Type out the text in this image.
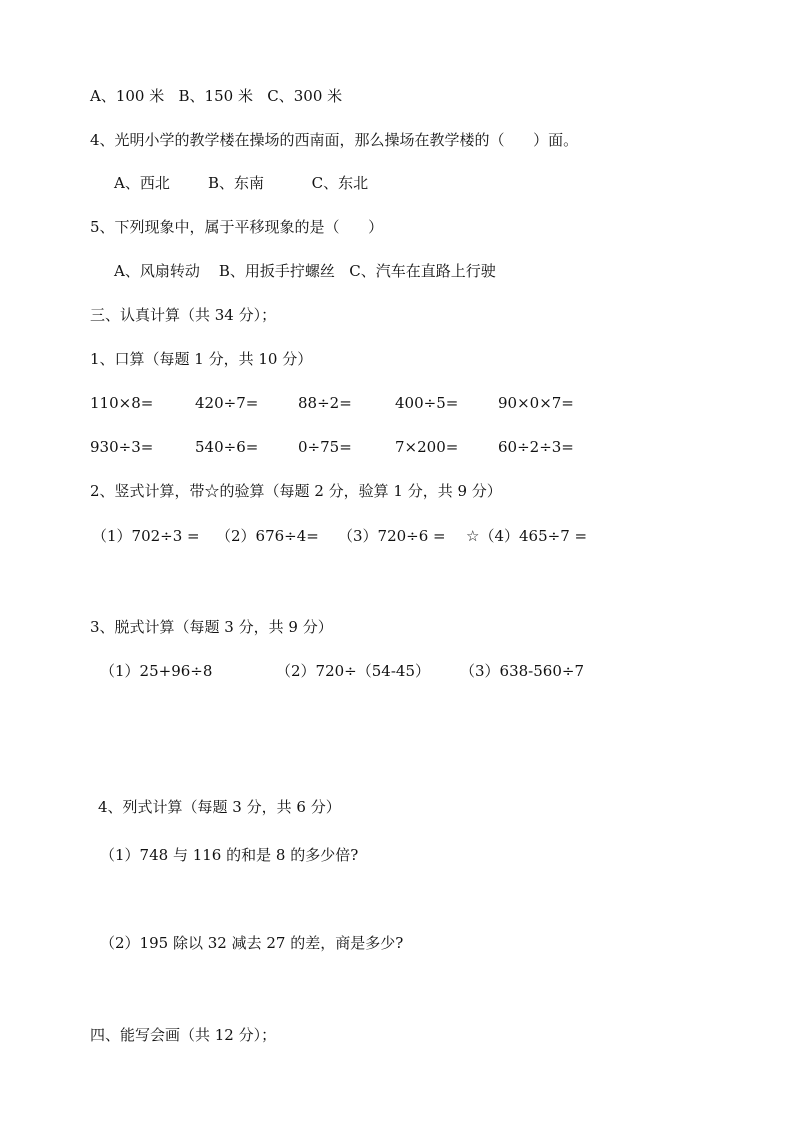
A、100 米   B、150 米   C、300 米
4、光明小学的教学楼在操场的西南面，那么操场在教学楼的（      ）面。
A、西北        B、东南          C、东北
5、下列现象中，属于平移现象的是（      ）
A、风扇转动    B、用扳手拧螺丝   C、汽车在直路上行驶
三、认真计算（共 34 分）；
1、口算（每题 1 分，共 10 分）
110×8=	420÷7=	88÷2=	400÷5=	90×0×7=
930÷3=	540÷6=	0÷75=	7×200=	60÷2÷3=
2、竖式计算，带☆的验算（每题 2 分，验算 1 分，共 9 分）
（1）702÷3 = （2）676÷4= （3）720÷6 = ☆（4）465÷7 =
3、脱式计算（每题 3 分，共 9 分）
（1）25+96÷8	（2）720÷（54-45） （3）638-560÷7
4、列式计算（每题 3 分，共 6 分）
（1）748 与 116 的和是 8 的多少倍?
（2）195 除以 32 减去 27 的差，商是多少?
四、能写会画（共 12 分）；
